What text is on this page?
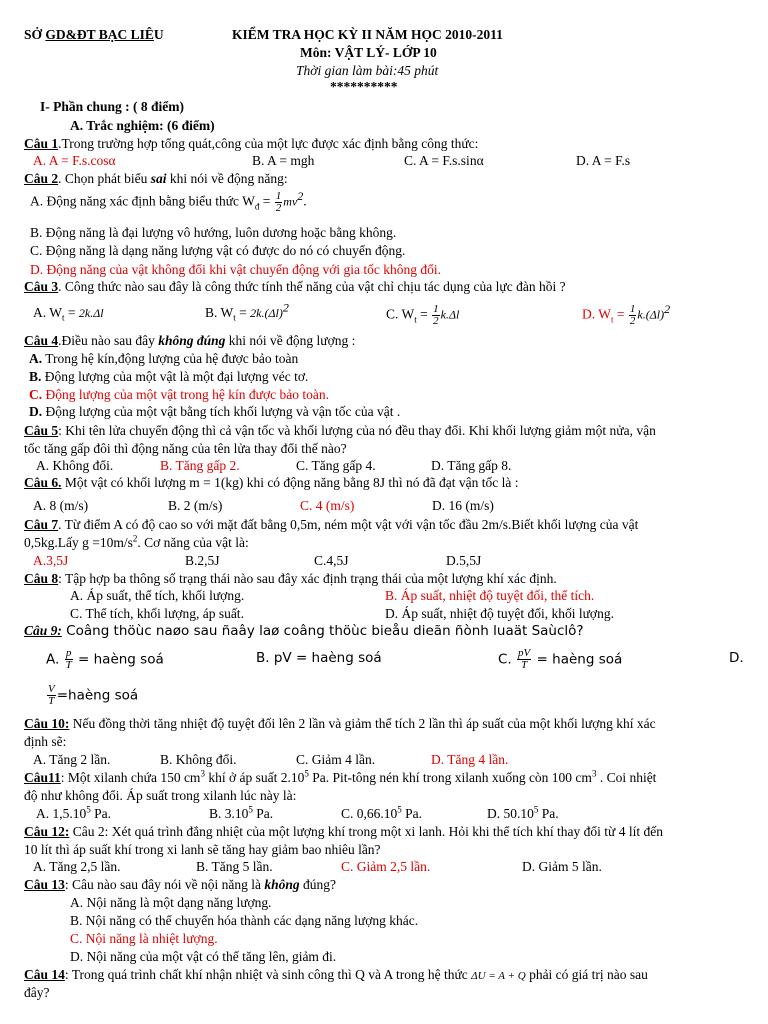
SỞ GD&ĐT BẠC LIÊU	KIỂM TRA HỌC KỲ II NĂM HỌC 2010-2011
Môn: VẬT LÝ- LỚP 10
Thời gian làm bài:45 phút
**********
I- Phần chung : ( 8 điểm)
A. Trắc nghiệm: (6 điểm)
Câu 1.Trong trường hợp tổng quát,công của một lực được xác định bằng công thức:
A. A = F.s.cosα	B. A = mgh	C. A = F.s.sinα	D. A = F.s
Câu 2. Chọn phát biểu sai khi nói về động năng:
A. Động năng xác định bằng biểu thức $W_đ = \frac{1}{2} mv^2$.
B. Động năng là đại lượng vô hướng, luôn dương hoặc bằng không.
C. Động năng là dạng năng lượng vật có được do nó có chuyển động.
D. Động năng của vật không đổi khi vật chuyển động với gia tốc không đổi.
Câu 3. Công thức nào sau đây là công thức tính thế năng của vật chỉ chịu tác dụng của lực đàn hồi ?
A. $W_t = 2k.\Delta l$	B. $W_t = 2k.(\Delta l)^2$	C. $W_t = \frac{1}{2} k.\Delta l$	D. $W_t = \frac{1}{2} k.(\Delta l)^2$
Câu 4.Điều nào sau đây không đúng khi nói về động lượng :
A. Trong hệ kín,động lượng của hệ được bảo toàn
B. Động lượng của một vật là một đại lượng véc tơ.
C. Động lượng của một vật trong hệ kín được bảo toàn.
D. Động lượng của một vật bằng tích khối lượng và vận tốc của vật .
Câu 5: Khi tên lửa chuyển động thì cả vận tốc và khối lượng của nó đều thay đổi. Khi khối lượng giảm một nửa, vận
tốc tăng gấp đôi thì động năng của tên lửa thay đổi thế nào?
A. Không đổi.	B. Tăng gấp 2.	C. Tăng gấp 4.	D. Tăng gấp 8.
Câu 6. Một vật có khối lượng m = 1(kg) khi có động năng bằng 8J thì nó đã đạt vận tốc là :
A. 8 (m/s)	B. 2 (m/s)	C. 4 (m/s)	D. 16 (m/s)
Câu 7. Từ điểm A có độ cao so với mặt đất bằng 0,5m, ném một vật với vận tốc đầu 2m/s.Biết khối lượng của vật
0,5kg.Lấy $g =10m/s^2$. Cơ năng của vật là:
A.3,5J	B.2,5J	C.4,5J	D.5,5J
Câu 8: Tập hợp ba thông số trạng thái nào sau đây xác định trạng thái của một lượng khí xác định.
A. Áp suất, thể tích, khối lượng.	B. Áp suất, nhiệt độ tuyệt đối, thể tích.
C. Thể tích, khối lượng, áp suất.	D. Áp suất, nhiệt độ tuyệt đối, khối lượng.
Câu 9: Coâng thöùc naøo sau ñaây laø coâng thöùc bieåu dieãn ñònh luaät Saùclô?
A. $\frac{p}{T}$ = haèng soá	B. pV = haèng soá	C. $\frac{pV}{T}$ = haèng soá	D.
$\frac{V}{T}$ =haèng soá
Câu 10: Nếu đồng thời tăng nhiệt độ tuyệt đối lên 2 lần và giảm thể tích 2 lần thì áp suất của một khối lượng khí xác
định sẽ:
A. Tăng 2 lần.	B. Không đổi.	C. Giảm 4 lần.	D. Tăng 4 lần.
Câu11: Một xilanh chứa 150 $cm^3$ khí ở áp suất 2.10$^5$ Pa. Pit-tông nén khí trong xilanh xuống còn 100 $cm^3$ . Coi nhiệt
độ như không đổi. Áp suất trong xilanh lúc này là:
A. 1,5.10$^5$ Pa.	B. 3.10$^5$ Pa.	C. 0,66.10$^5$ Pa.	D. 50.10$^5$ Pa.
Câu 12: Câu 2: Xét quá trình đẳng nhiệt của một lượng khí trong một xi lanh. Hỏi khi thể tích khí thay đổi từ 4 lít đến
10 lít thì áp suất khí trong xi lanh sẽ tăng hay giảm bao nhiêu lần?
A. Tăng 2,5 lần.	B. Tăng 5 lần.	C. Giảm 2,5 lần.	D. Giảm 5 lần.
Câu 13: Câu nào sau đây nói về nội năng là không đúng?
A. Nội năng là một dạng năng lượng.
B. Nội năng có thể chuyển hóa thành các dạng năng lượng khác.
C. Nội năng là nhiệt lượng.
D. Nội năng của một vật có thể tăng lên, giảm đi.
Câu 14: Trong quá trình chất khí nhận nhiệt và sinh công thì Q và A trong hệ thức ΔU = A + Q phải có giá trị nào sau
đây?
